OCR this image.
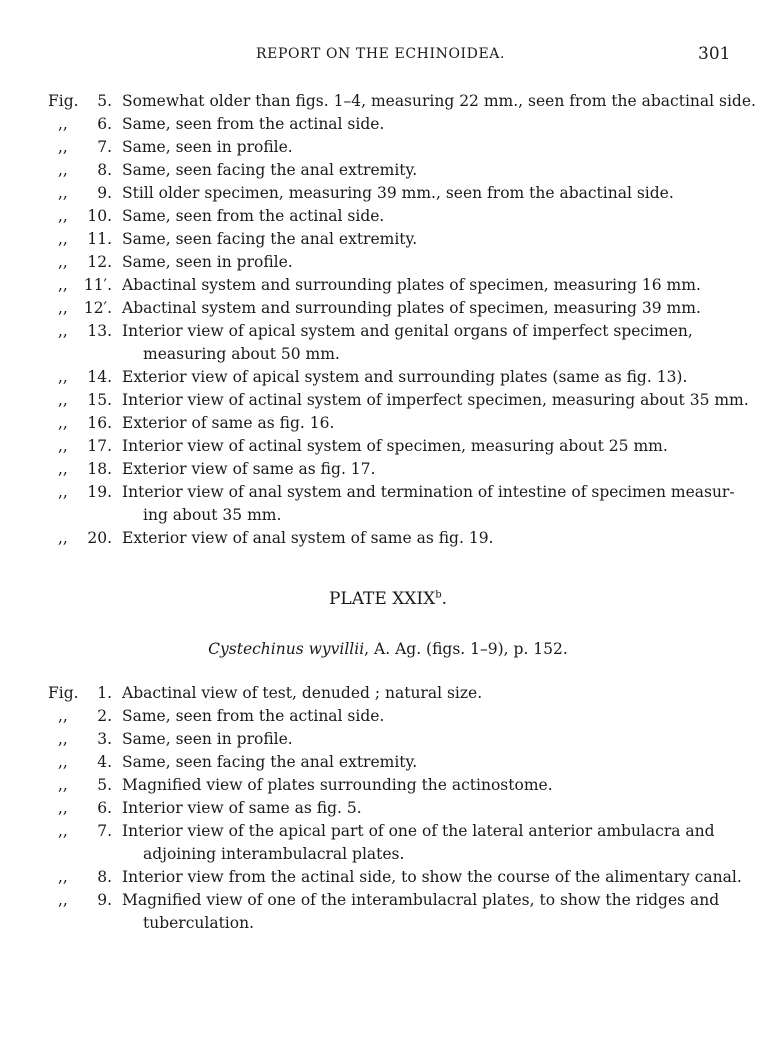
REPORT ON THE ECHINOIDEA.	301
Fig.	5. Somewhat older than figs. 1–4, measuring 22 mm., seen from the abactinal side.
,,	6. Same, seen from the actinal side.
,,	7. Same, seen in profile.
,,	8. Same, seen facing the anal extremity.
,,	9. Still older specimen, measuring 39 mm., seen from the abactinal side.
,,	10. Same, seen from the actinal side.
,,	11. Same, seen facing the anal extremity.
,,	12. Same, seen in profile.
,,	11′. Abactinal system and surrounding plates of specimen, measuring 16 mm.
,,	12′. Abactinal system and surrounding plates of specimen, measuring 39 mm.
,,	13. Interior view of apical system and genital organs of imperfect specimen,
measuring about 50 mm.
,,	14. Exterior view of apical system and surrounding plates (same as fig. 13).
,,	15. Interior view of actinal system of imperfect specimen, measuring about 35 mm.
,,	16. Exterior of same as fig. 16.
,,	17. Interior view of actinal system of specimen, measuring about 25 mm.
,,	18. Exterior view of same as fig. 17.
,,	19. Interior view of anal system and termination of intestine of specimen measur-
ing about 35 mm.
,,	20. Exterior view of anal system of same as fig. 19.
PLATE XXIX$^b$.
Cystechinus wyvillii, A. Ag. (figs. 1–9), p. 152.
Fig.	1. Abactinal view of test, denuded ; natural size.
,,	2. Same, seen from the actinal side.
,,	3. Same, seen in profile.
,,	4. Same, seen facing the anal extremity.
,,	5. Magnified view of plates surrounding the actinostome.
,,	6. Interior view of same as fig. 5.
,,	7. Interior view of the apical part of one of the lateral anterior ambulacra and
adjoining interambulacral plates.
,,	8. Interior view from the actinal side, to show the course of the alimentary canal.
,,	9. Magnified view of one of the interambulacral plates, to show the ridges and
tuberculation.
